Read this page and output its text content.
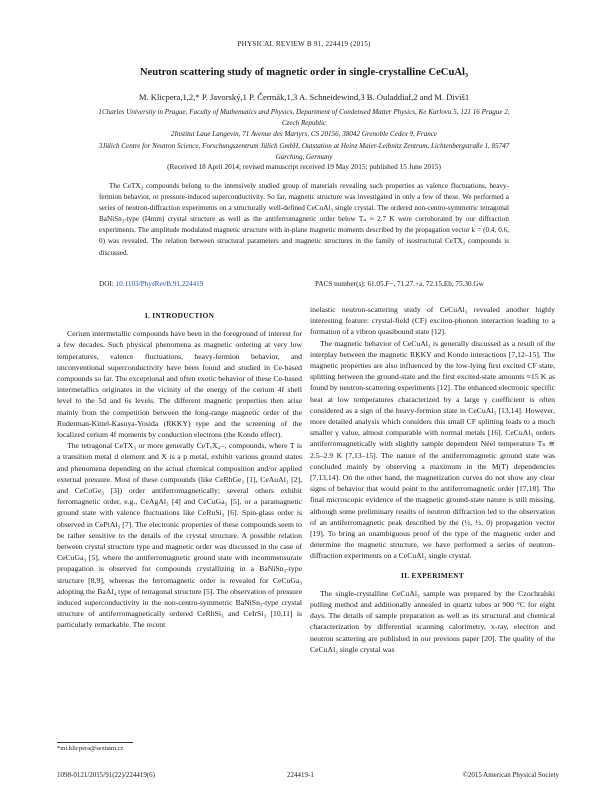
PHYSICAL REVIEW B 91, 224419 (2015)
Neutron scattering study of magnetic order in single-crystalline CeCuAl₃
M. Klicpera,1,2,* P. Javorský,1 P. Čermák,1,3 A. Schneidewind,3 B. Ouladdiaf,2 and M. Diviš1
1Charles University in Prague, Faculty of Mathematics and Physics, Department of Condensed Matter Physics, Ke Karlovu 5, 121 16 Prague 2, Czech Republic
2Institut Laue Langevin, 71 Avenue des Martyrs, CS 20156, 38042 Grenoble Cedex 9, France
3Jülich Centre for Neutron Science, Forschungszentrum Jülich GmbH, Outstation at Heinz Maier-Leibnitz Zentrum, Lichtenbergstraße 1, 85747 Garching, Germany
(Received 18 April 2014; revised manuscript received 19 May 2015; published 15 June 2015)
The CeTX₃ compounds belong to the intensively studied group of materials revealing such properties as valence fluctuations, heavy-fermion behavior, or pressure-induced superconductivity. So far, magnetic structure was investigated in only a few of these. We performed a series of neutron-diffraction experiments on a structurally well-defined CeCuAl₃ single crystal. The ordered non-centro-symmetric tetragonal BaNiSn₃-type (I4mm) crystal structure as well as the antiferromagnetic order below Tₙ ≈ 2.7 K were corroborated by our diffraction experiments. The amplitude modulated magnetic structure with in-plane magnetic moments described by the propagation vector k = (0.4, 0.6, 0) was revealed. The relation between structural parameters and magnetic structures in the family of isostructural CeTX₃ compounds is discussed.
DOI: 10.1103/PhysRevB.91.224419	PACS number(s): 61.05.F−, 71.27.+a, 72.15.Eb, 75.30.Gw
I. INTRODUCTION

Cerium intermetallic compounds have been in the foreground of interest for a few decades. Such physical phenomena as magnetic ordering at very low temperatures, valence fluctuations, heavy-fermion behavior, and unconventional superconductivity have been found and studied in Ce-based compounds so far. The exceptional and often exotic behavior of these Ce-based intermetallics originates in the vicinity of the energy of the cerium 4f shell level to the 5d and 6s levels. The different magnetic properties then arise mainly from the competition between the long-range magnetic order of the Ruderman-Kittel-Kasuya-Yosida (RKKY) type and the screening of the localized cerium 4f moments by conduction electrons (the Kondo effect).

The tetragonal CeTX₃ or more generally CeTₓX₄₋ₓ compounds, where T is a transition metal d element and X is a p metal, exhibit various ground states and phenomena depending on the actual chemical composition and/or applied external pressure. Most of these compounds (like CeRhGe₃ [1], CeAuAl₃ [2], and CeCoGe₃ [3]) order antiferromagnetically; several others exhibit ferromagnetic order, e.g., CeAgAl₃ [4] and CeCuGa₃ [5], or a paramagnetic ground state with valence fluctuations like CeRuSi₃ [6]. Spin-glass order is observed in CePtAl₃ [7]. The electronic properties of these compounds seem to be rather sensitive to the details of the crystal structure. A possible relation between crystal structure type and magnetic order was discussed in the case of CeCuGa₃ [5], where the antiferromagnetic ground state with incommensurate propagation is observed for compounds crystallizing in a BaNiSn₃-type structure [8,9], whereas the ferromagnetic order is revealed for CeCuGa₃ adopting the BaAl₄ type of tetragonal structure [5]. The observation of pressure induced superconductivity in the non-centro-symmetric BaNiSn₃-type crystal structure of antiferromagnetically ordered CeRhSi₃ and CeIrSi₃ [10,11] is particularly remarkable. The recent

inelastic neutron-scattering study of CeCuAl₃ revealed another highly interesting feature: crystal-field (CF) exciton-phonon interaction leading to a formation of a vibron quasibound state [12].

The magnetic behavior of CeCuAl₃ is generally discussed as a result of the interplay between the magnetic RKKY and Kondo interactions [7,12–15]. The magnetic properties are also influenced by the low-lying first excited CF state, splitting between the ground-state and the first excited-state amounts ≈15 K as found by neutron-scattering experiments [12]. The enhanced electronic specific heat at low temperatures characterized by a large γ coefficient is often considered as a sign of the heavy-fermion state in CeCuAl₃ [13,14]. However, more detailed analysis which considers this small CF splitting leads to a much smaller γ value, almost comparable with normal metals [16]. CeCuAl₃ orders antiferromagnetically with slightly sample dependent Néel temperature Tₙ ≅ 2.5–2.9 K [7,13–15]. The nature of the antiferromagnetic ground state was concluded mainly by observing a maximum in the M(T) dependencies [7,13,14]. On the other hand, the magnetization curves do not show any clear signs of behavior that would point to the antiferromagnetic order [17,18]. The final microscopic evidence of the magnetic ground-state nature is still missing, although some preliminary results of neutron diffraction led to the observation of an antiferromagnetic peak described by the (½, ½, 0) propagation vector [19]. To bring an unambiguous proof of the type of the magnetic order and determine the magnetic structure, we have performed a series of neutron-diffraction experiments on a CeCuAl₃ single crystal.

II. EXPERIMENT

The single-crystalline CeCuAl₃ sample was prepared by the Czochralski pulling method and additionally annealed in quartz tubes at 900 °C for eight days. The details of sample preparation as well as its structural and chemical characterization by differential scanning calorimetry, x-ray, electron and neutron scattering are published in our previous paper [20]. The quality of the CeCuAl₃ single crystal was

*mi.klicpera@seznam.cz
1098-0121/2015/91(22)/224419(6)	224419-1	©2015 American Physical Society
